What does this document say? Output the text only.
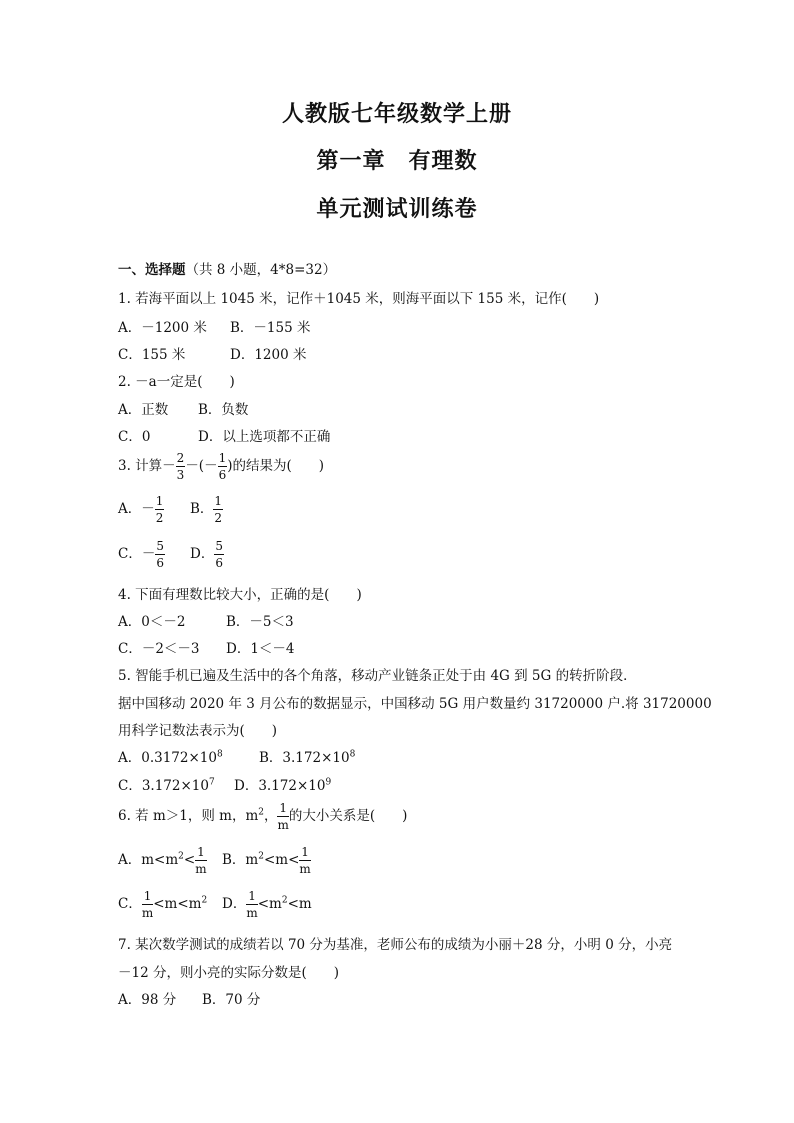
人教版七年级数学上册
第一章　有理数
单元测试训练卷
一、选择题（共 8 小题，4*8=32）
1. 若海平面以上 1045 米，记作＋1045 米，则海平面以下 155 米，记作(　　)
A．－1200 米 B．－155 米
C．155 米	D．1200 米
2. －a一定是(　　)
A．正数 B．负数
C．0	D．以上选项都不正确
3. 计算－ $\frac{2}{3}$ －(－ $\frac{1}{6}$ )的结果为(　　)
A．－ $\frac{1}{2}$ B． $\frac{1}{2}$
C．－ $\frac{5}{6}$ D． $\frac{5}{6}$
4. 下面有理数比较大小，正确的是(　　)
A．0＜－2	B．－5＜3
C．－2＜－3 D．1＜－4
5. 智能手机已遍及生活中的各个角落，移动产业链条正处于由 4G 到 5G 的转折阶段．
据中国移动 2020 年 3 月公布的数据显示，中国移动 5G 用户数量约 31720000 户.将 31720000
用科学记数法表示为(　　)
A．$0.3172\times 10^8$	B．$3.172\times 10^8$
C．$3.172\times 10^7$ D．$3.172\times 10^9$
6. 若 m＞1，则 m，$m^2$， $\frac{1}{m}$ 的大小关系是(　　)
A．$m<m^2< \frac{1}{m}$ B．$m^2<m< \frac{1}{m}$
C． $\frac{1}{m} <m<m^2$ D． $\frac{1}{m} <m^2<m$
7. 某次数学测试的成绩若以 70 分为基准，老师公布的成绩为小丽＋28 分，小明 0 分，小亮
－12 分，则小亮的实际分数是(　　)
A．98 分 B．70 分
